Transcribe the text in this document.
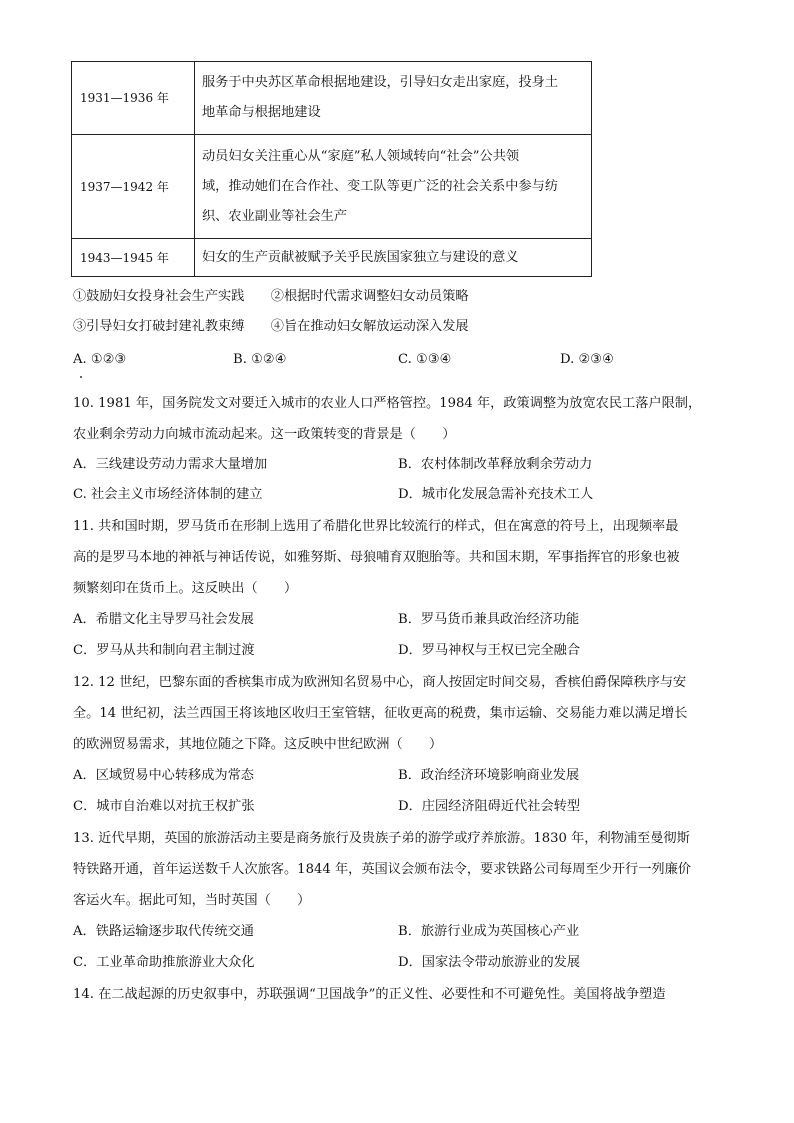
1931—1936 年	服务于中央苏区革命根据地建设，引导妇女走出家庭，投身土
地革命与根据地建设

1937—1942 年	动员妇女关注重心从“家庭”私人领域转向“社会”公共领
域，推动她们在合作社、变工队等更广泛的社会关系中参与纺
织、农业副业等社会生产

1943—1945 年	妇女的生产贡献被赋予关乎民族国家独立与建设的意义
①鼓励妇女投身社会生产实践　　②根据时代需求调整妇女动员策略
③引导妇女打破封建礼教束缚　　④旨在推动妇女解放运动深入发展
A. ①②③	B. ①②④	C. ①③④	D. ②③④

10. 1981 年，国务院发文对要迁入城市的农业人口严格管控。1984 年，政策调整为放宽农民工落户限制，

农业剩余劳动力向城市流动起来。这一政策转变的背景是（　　）

A．三线建设劳动力需求大量增加	B．农村体制改革释放剩余劳动力
C. 社会主义市场经济体制的建立	D．城市化发展急需补充技术工人

11. 共和国时期，罗马货币在形制上选用了希腊化世界比较流行的样式，但在寓意的符号上，出现频率最

高的是罗马本地的神祇与神话传说，如雅努斯、母狼哺育双胞胎等。共和国末期，军事指挥官的形象也被

频繁刻印在货币上。这反映出（　　）

A．希腊文化主导罗马社会发展	B．罗马货币兼具政治经济功能
C．罗马从共和制向君主制过渡	D．罗马神权与王权已完全融合

12. 12 世纪，巴黎东面的香槟集市成为欧洲知名贸易中心，商人按固定时间交易，香槟伯爵保障秩序与安

全。14 世纪初，法兰西国王将该地区收归王室管辖，征收更高的税费，集市运输、交易能力难以满足增长

的欧洲贸易需求，其地位随之下降。这反映中世纪欧洲（　　）

A．区域贸易中心转移成为常态	B．政治经济环境影响商业发展
C．城市自治难以对抗王权扩张	D．庄园经济阻碍近代社会转型

13. 近代早期，英国的旅游活动主要是商务旅行及贵族子弟的游学或疗养旅游。1830 年，利物浦至曼彻斯

特铁路开通，首年运送数千人次旅客。1844 年，英国议会颁布法令，要求铁路公司每周至少开行一列廉价

客运火车。据此可知，当时英国（　　）

A．铁路运输逐步取代传统交通	B．旅游行业成为英国核心产业
C．工业革命助推旅游业大众化	D．国家法令带动旅游业的发展

14. 在二战起源的历史叙事中，苏联强调“卫国战争”的正义性、必要性和不可避免性。美国将战争塑造
